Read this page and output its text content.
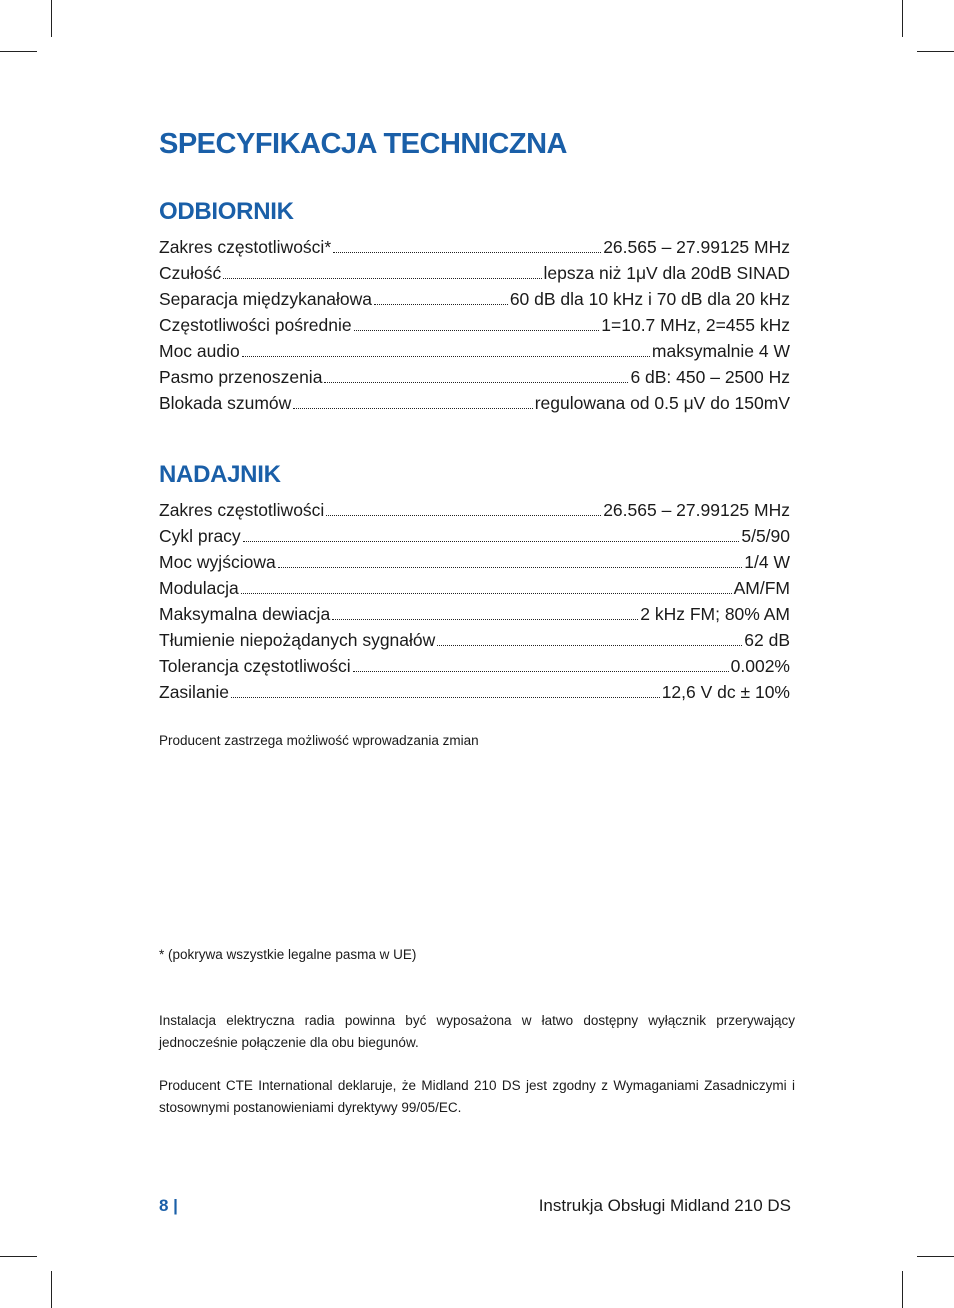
SPECYFIKACJA TECHNICZNA
ODBIORNIK
Zakres częstotliwości*	26.565 – 27.99125 MHz
Czułość	lepsza niż 1μV dla 20dB SINAD
Separacja międzykanałowa	60 dB dla 10 kHz i 70 dB dla 20 kHz
Częstotliwości pośrednie	1=10.7 MHz, 2=455 kHz
Moc audio	maksymalnie 4 W
Pasmo przenoszenia	6 dB: 450 – 2500 Hz
Blokada szumów	regulowana od 0.5 μV do 150mV
NADAJNIK
Zakres częstotliwości	26.565 – 27.99125 MHz
Cykl pracy	5/5/90
Moc wyjściowa	1/4 W
Modulacja	AM/FM
Maksymalna dewiacja	2 kHz FM; 80% AM
Tłumienie niepożądanych sygnałów	62 dB
Tolerancja częstotliwości	0.002%
Zasilanie	12,6 V dc ± 10%
Producent zastrzega możliwość wprowadzania zmian
* (pokrywa wszystkie legalne pasma w UE)
Instalacja elektryczna radia powinna być wyposażona w łatwo dostępny wyłącznik przerywający jednocześnie połączenie dla obu biegunów.
Producent CTE International deklaruje, że Midland 210 DS jest zgodny z Wymaganiami Zasadniczymi i stosownymi postanowieniami dyrektywy 99/05/EC.
8 |	Instrukja Obsługi Midland 210 DS
